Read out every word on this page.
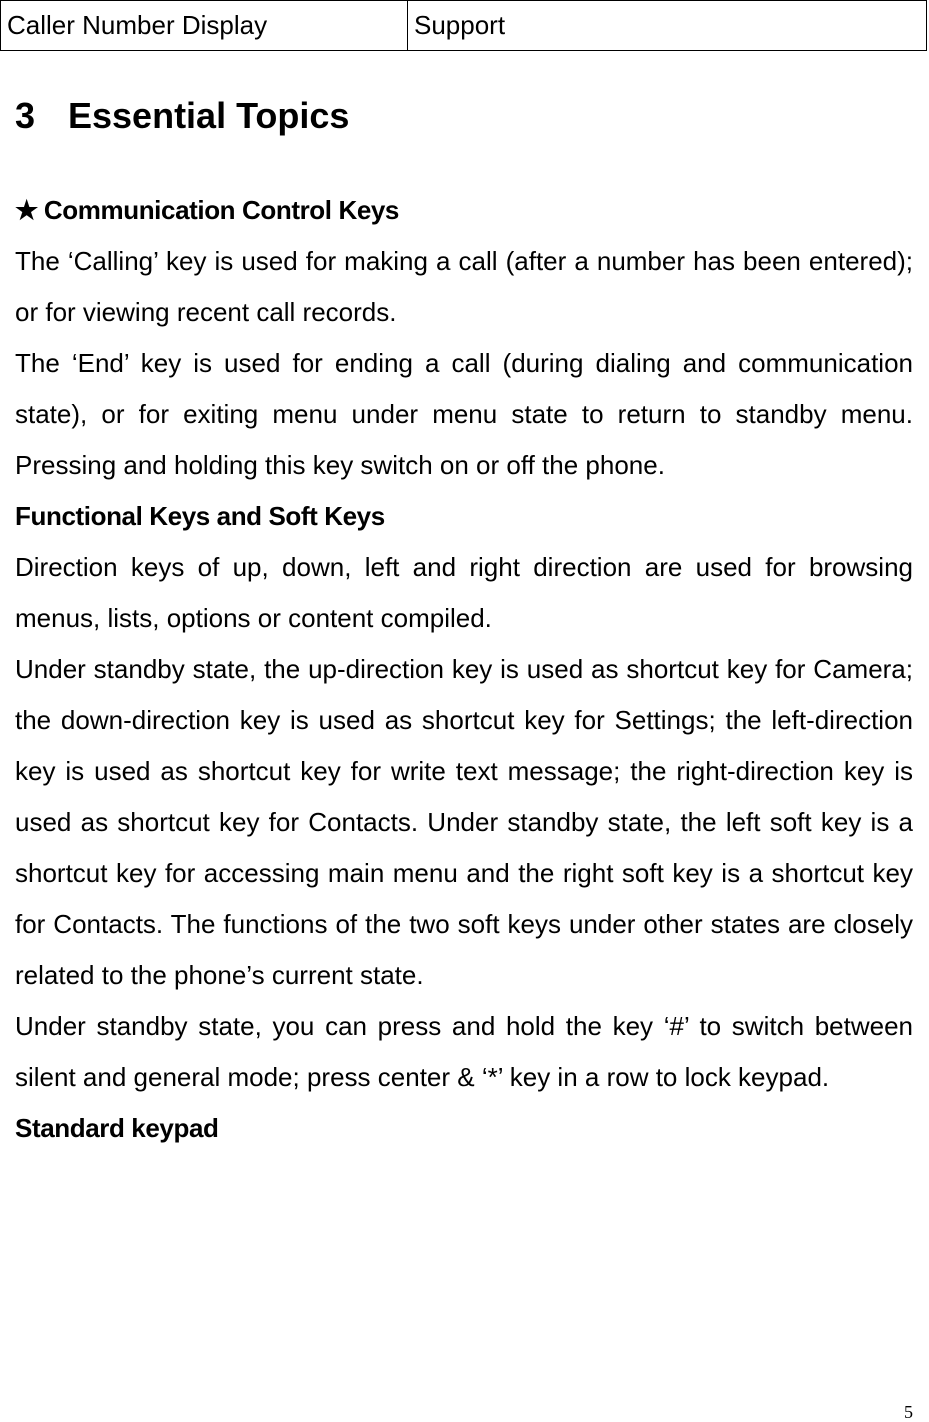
Caller Number Display	Support
3 Essential Topics

★ Communication Control Keys

The ‘Calling’ key is used for making a call (after a number has been entered); or for viewing recent call records.

The ‘End’ key is used for ending a call (during dialing and communication state), or for exiting menu under menu state to return to standby menu. Pressing and holding this key switch on or off the phone.

Functional Keys and Soft Keys

Direction keys of up, down, left and right direction are used for browsing menus, lists, options or content compiled.

Under standby state, the up-direction key is used as shortcut key for Camera; the down-direction key is used as shortcut key for Settings; the left-direction key is used as shortcut key for write text message; the right-direction key is used as shortcut key for Contacts. Under standby state, the left soft key is a shortcut key for accessing main menu and the right soft key is a shortcut key for Contacts. The functions of the two soft keys under other states are closely related to the phone’s current state.

Under standby state, you can press and hold the key ‘#’ to switch between silent and general mode; press center & ‘*’ key in a row to lock keypad.

Standard keypad

5
